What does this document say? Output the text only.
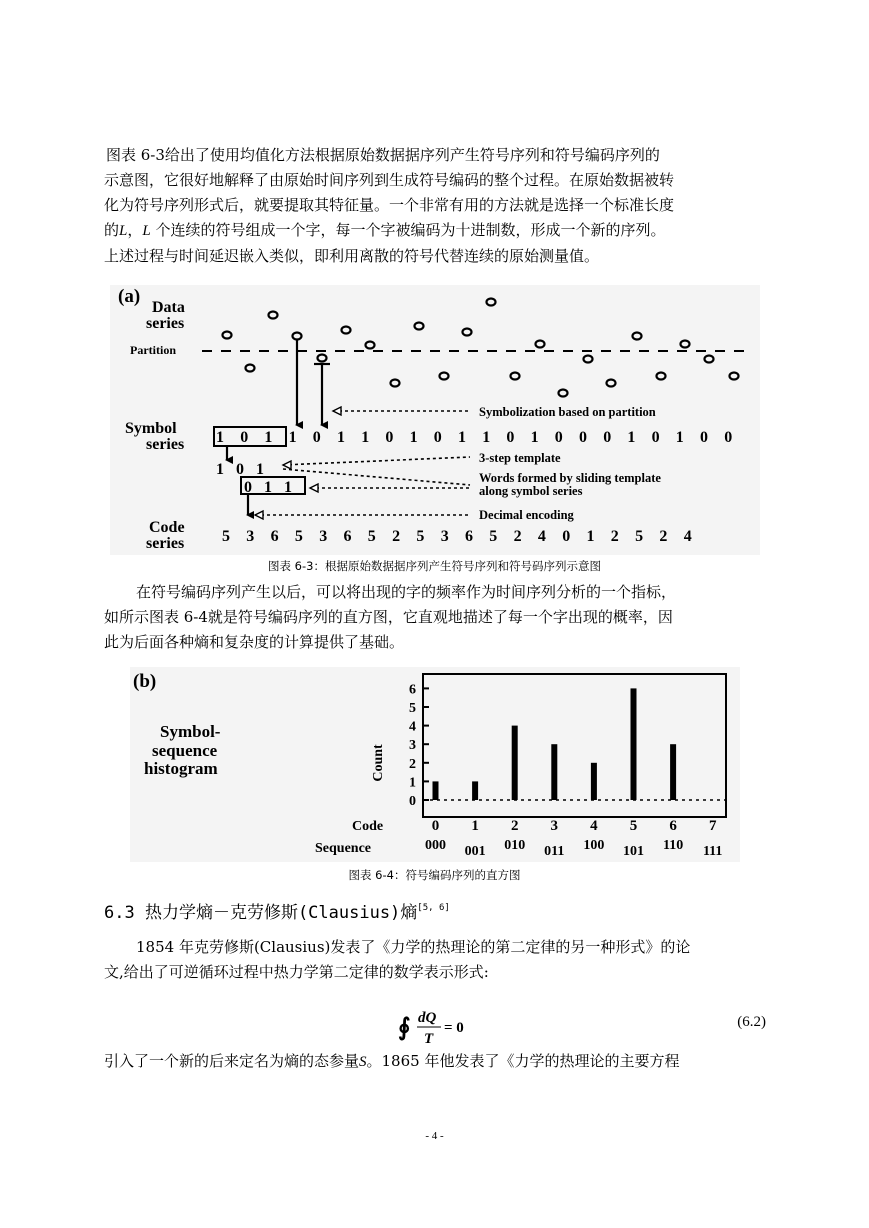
图表 6-3给出了使用均值化方法根据原始数据据序列产生符号序列和符号编码序列的
示意图，它很好地解释了由原始时间序列到生成符号编码的整个过程。在原始数据被转
化为符号序列形式后，就要提取其特征量。一个非常有用的方法就是选择一个标准长度
的L，L 个连续的符号组成一个字，每一个字被编码为十进制数，形成一个新的序列。
上述过程与时间延迟嵌入类似，即利用离散的符号代替连续的原始测量值。
(a)
Data
series
Partition
Symbol
series 1 0 1 1 0 1 1 0 1 0 1 1 0 1 0 0 0 1 0 1 0 0
1 0 1
0 1 1
Code
series 5 3 6 5 3 6 5 2 5 3 6 5 2 4 0 1 2 5 2 4
Symbolization based on partition
3-step template
Words formed by sliding template
along symbol series
Decimal encoding
图表 6-3：根据原始数据据序列产生符号序列和符号码序列示意图
在符号编码序列产生以后，可以将出现的字的频率作为时间序列分析的一个指标，
如所示图表 6-4就是符号编码序列的直方图，它直观地描述了每一个字出现的概率，因
此为后面各种熵和复杂度的计算提供了基础。
(b)
Symbol-
sequence
histogram	Count
0
1
2
3
4
5
6
Code
Sequence
0 1 2 3 4 5 6 7
000 001 010 011 100 101 110 111
图表 6-4：符号编码序列的直方图
6.3 热力学熵－克劳修斯(Clausius)熵[5, 6]
1854 年克劳修斯(Clausius)发表了《力学的热理论的第二定律的另一种形式》的论
文,给出了可逆循环过程中热力学第二定律的数学表示形式:
∮ dQ
T
= 0	(6.2)
引入了一个新的后来定名为熵的态参量S。1865 年他发表了《力学的热理论的主要方程
- 4 -
